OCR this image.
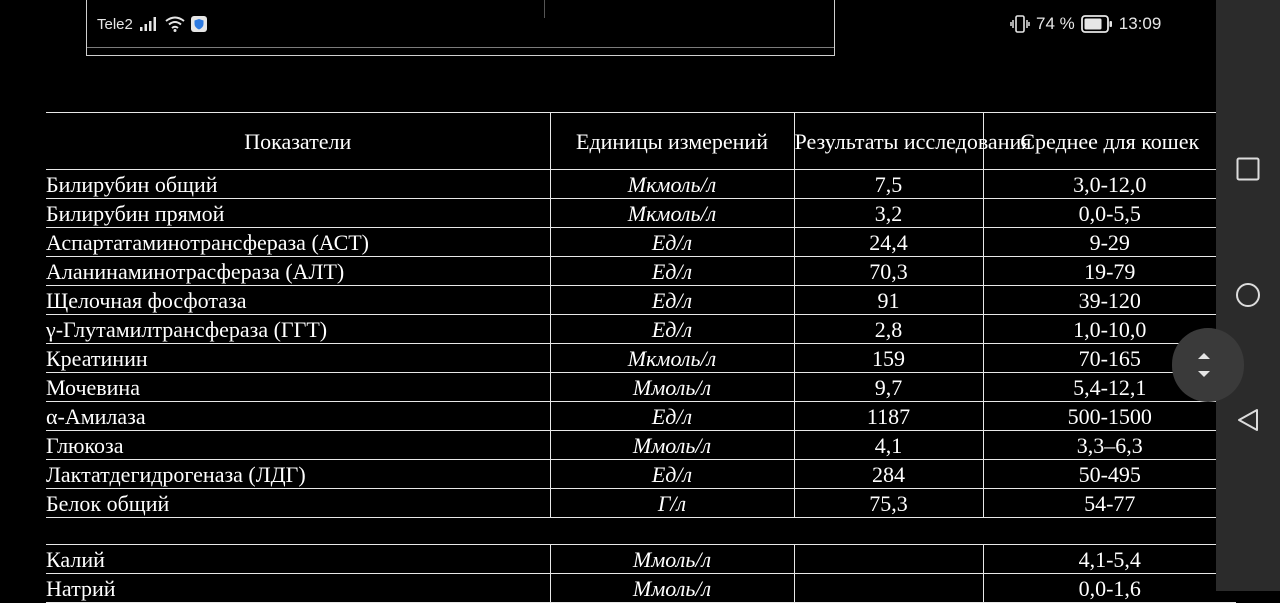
Tele2	74 %	13:09
Показатели	Единицы измерений	Результаты исследования	Среднее для кошек
Билирубин общий	Мкмоль/л	7,5	3,0-12,0
Билирубин прямой	Мкмоль/л	3,2	0,0-5,5
Аспартатаминотрансфераза (АСТ)	Ед/л	24,4	9-29
Аланинаминотрасфераза (АЛТ)	Ед/л	70,3	19-79
Щелочная фосфотаза	Ед/л	91	39-120
γ-Глутамилтрансфераза (ГГТ)	Ед/л	2,8	1,0-10,0
Креатинин	Мкмоль/л	159	70-165
Мочевина	Ммоль/л	9,7	5,4-12,1
α-Амилаза	Ед/л	1187	500-1500
Глюкоза	Ммоль/л	4,1	3,3–6,3
Лактатдегидрогеназа (ЛДГ)	Ед/л	284	50-495
Белок общий	Г/л	75,3	54-77

Калий	Ммоль/л		4,1-5,4
Натрий	Ммоль/л		0,0-1,6
